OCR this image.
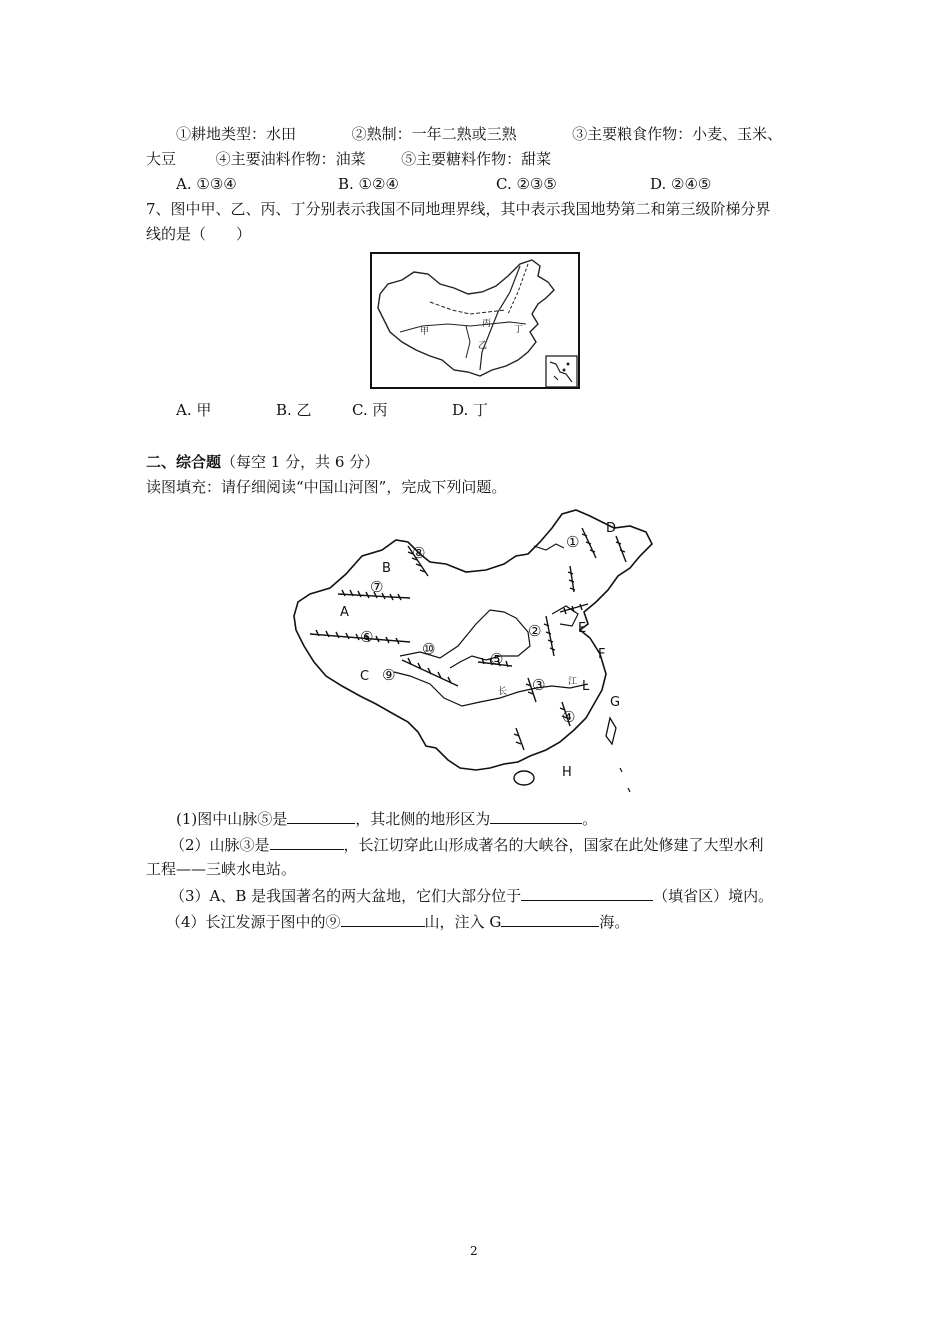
①耕地类型：水田	②熟制：一年二熟或三熟	③主要粮食作物：小麦、玉米、
大豆	④主要油料作物：油菜 ⑤主要糖料作物：甜菜
A. ①③④	B. ①②④	C. ②③⑤	D. ②④⑤
7、图中甲、乙、丙、丁分别表示我国不同地理界线，其中表示我国地势第二和第三级阶梯分界
线的是（　　）
甲
乙
丙
丁
A. 甲	B. 乙	C. 丙	D. 丁
二、综合题（每空 1 分，共 6 分）
读图填充：请仔细阅读“中国山河图”，完成下列问题。
①
②
③
④
⑤
⑥
⑦
⑧
⑨
⑩
A
B
C
D
E
F
G
H
L
长
江
(1)图中山脉⑤是	，其北侧的地形区为	。
（2）山脉③是	，长江切穿此山形成著名的大峡谷，国家在此处修建了大型水利
工程——三峡水电站。
（3）A、B 是我国著名的两大盆地，它们大部分位于	（填省区）境内。
（4）长江发源于图中的⑨	山，注入 G	海。
2
